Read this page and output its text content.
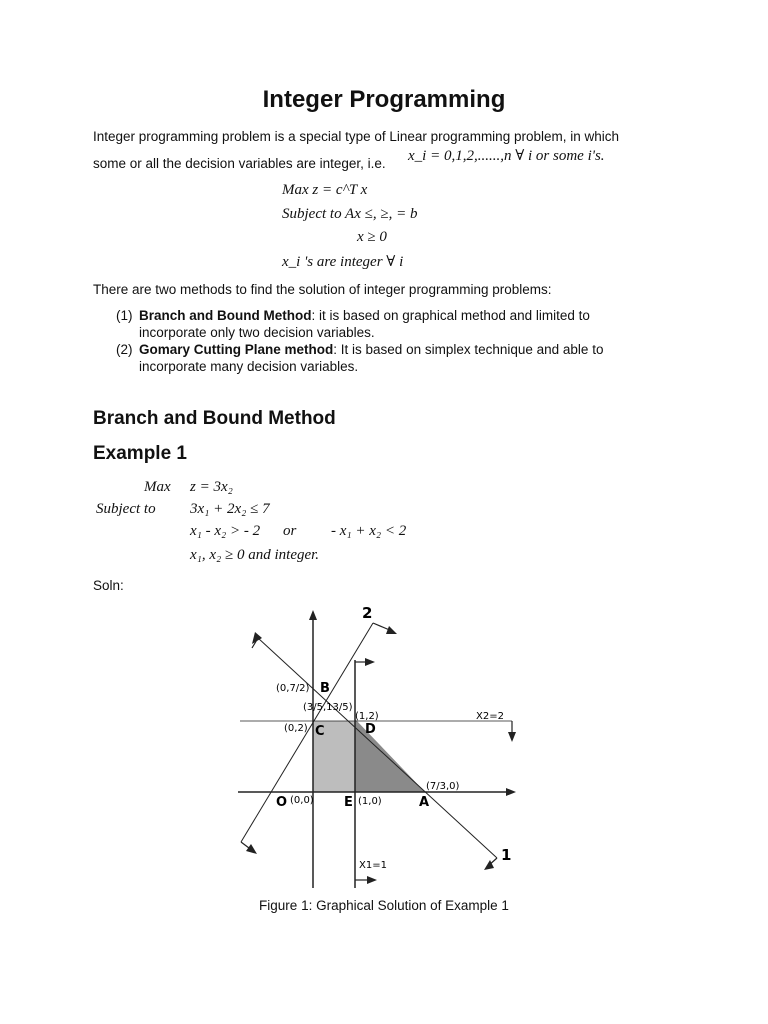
Integer Programming
Integer programming problem is a special type of Linear programming problem, in which
some or all the decision variables are integer, i.e. x_i = 0,1,2,......,n ∀ i or some i's.
Max z = c^T x
Subject to Ax ≤, ≥, = b
x ≥ 0
x_i 's are integer ∀ i
There are two methods to find the solution of integer programming problems:
(1) Branch and Bound Method: it is based on graphical method and limited to
incorporate only two decision variables.
(2) Gomary Cutting Plane method: It is based on simplex technique and able to
incorporate many decision variables.
Branch and Bound Method
Example 1
Max z = 3x₂
Subject to 3x₁ + 2x₂ ≤ 7
x₁ - x₂ > - 2 or - x₁ + x₂ < 2
x₁, x₂ ≥ 0 and integer.
Soln:
2
1
X2=2
X1=1
(0,7/2) B
(3/5,13/5)
(0,2) C
(1,2)
D
O (0,0) E (1,0)	A
(7/3,0)
Figure 1: Graphical Solution of Example 1
